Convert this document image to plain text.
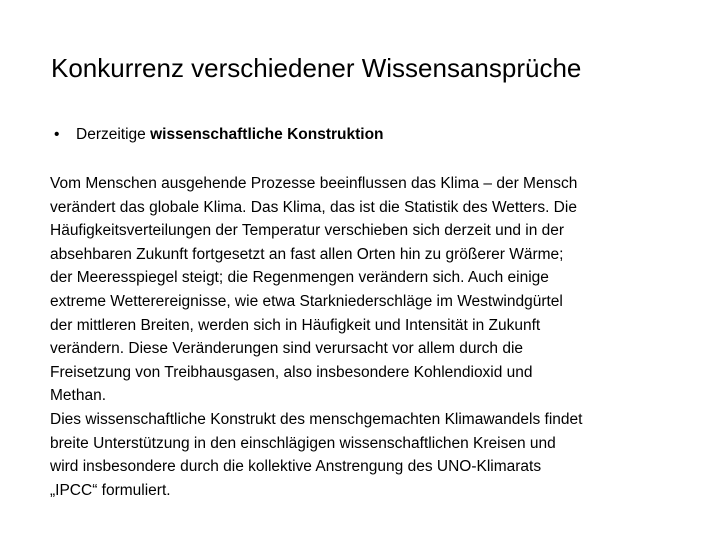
Konkurrenz verschiedener Wissensansprüche
• Derzeitige wissenschaftliche Konstruktion
Vom Menschen ausgehende Prozesse beeinflussen das Klima – der Mensch
verändert das globale Klima. Das Klima, das ist die Statistik des Wetters. Die
Häufigkeitsverteilungen der Temperatur verschieben sich derzeit und in der
absehbaren Zukunft fortgesetzt an fast allen Orten hin zu größerer Wärme;
der Meeresspiegel steigt; die Regenmengen verändern sich. Auch einige
extreme Wetterereignisse, wie etwa Starkniederschläge im Westwindgürtel
der mittleren Breiten, werden sich in Häufigkeit und Intensität in Zukunft
verändern. Diese Veränderungen sind verursacht vor allem durch die
Freisetzung von Treibhausgasen, also insbesondere Kohlendioxid und
Methan.
Dies wissenschaftliche Konstrukt des menschgemachten Klimawandels findet
breite Unterstützung in den einschlägigen wissenschaftlichen Kreisen und
wird insbesondere durch die kollektive Anstrengung des UNO-Klimarats
„IPCC“ formuliert.
